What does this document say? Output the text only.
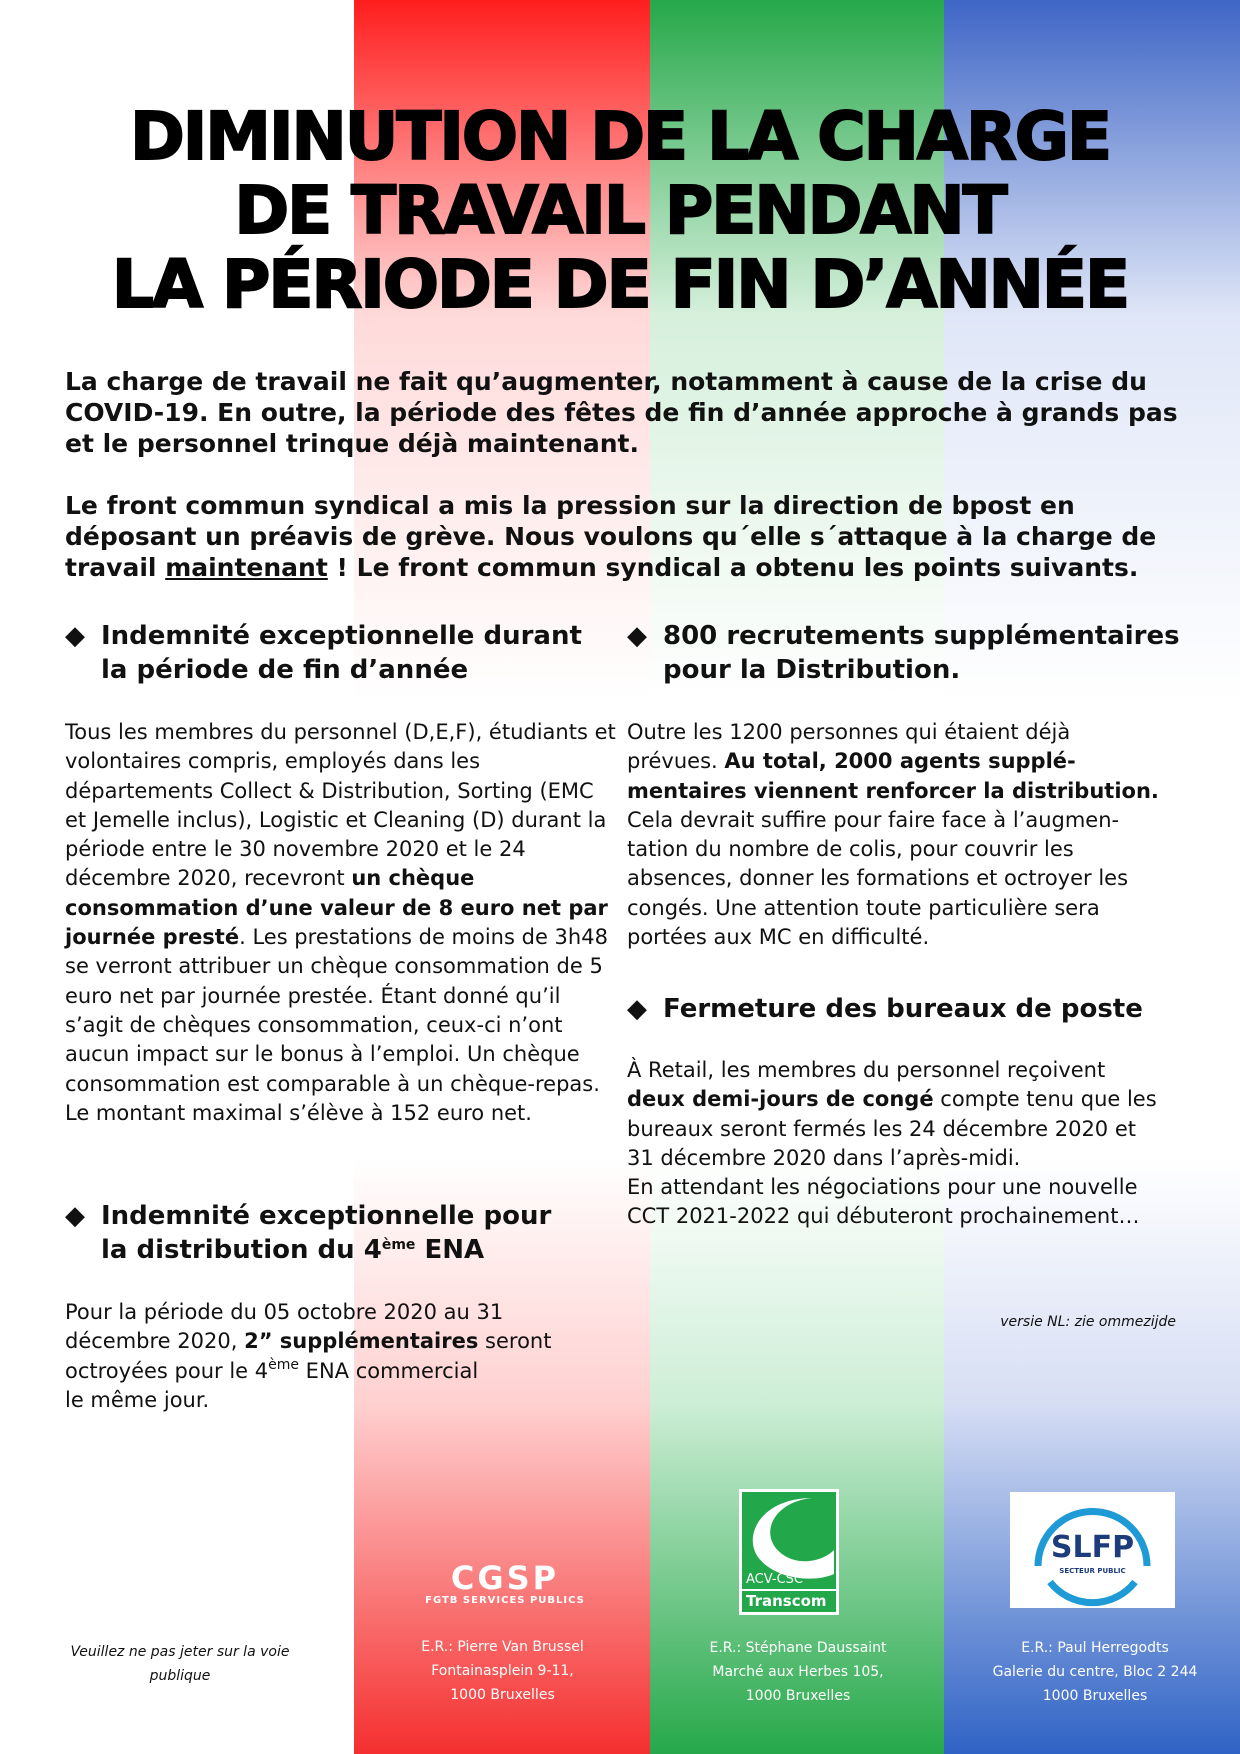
DIMINUTION DE LA CHARGE
DE TRAVAIL PENDANT
LA PÉRIODE DE FIN D’ANNÉE

La charge de travail ne fait qu’augmenter, notamment à cause de la crise du COVID-19. En outre, la période des fêtes de fin d’année approche à grands pas et le personnel trinque déjà maintenant.

Le front commun syndical a mis la pression sur la direction de bpost en déposant un préavis de grève. Nous voulons qu´elle s´attaque à la charge de travail maintenant ! Le front commun syndical a obtenu les points suivants.

◆ Indemnité exceptionnelle durant
la période de fin d’année

Tous les membres du personnel (D,E,F), étudiants et volontaires compris, employés dans les départements Collect & Distribution, Sorting (EMC et Jemelle inclus), Logistic et Cleaning (D) durant la période entre le 30 novembre 2020 et le 24 décembre 2020, recevront un chèque consommation d’une valeur de 8 euro net par journée presté. Les prestations de moins de 3h48 se verront attribuer un chèque consommation de 5 euro net par journée prestée. Étant donné qu’il s’agit de chèques consommation, ceux-ci n’ont aucun impact sur le bonus à l’emploi. Un chèque consommation est comparable à un chèque-repas. Le montant maximal s’élève à 152 euro net.

◆ Indemnité exceptionnelle pour
la distribution du 4ème ENA

Pour la période du 05 octobre 2020 au 31 décembre 2020, 2” supplémentaires seront octroyées pour le 4ème ENA commercial
le même jour.

◆ 800 recrutements supplémentaires
pour la Distribution.

Outre les 1200 personnes qui étaient déjà prévues. Au total, 2000 agents supplé-mentaires viennent renforcer la distribution. Cela devrait suffire pour faire face à l’augmen-tation du nombre de colis, pour couvrir les absences, donner les formations et octroyer les congés. Une attention toute particulière sera portées aux MC en difficulté.

◆ Fermeture des bureaux de poste

À Retail, les membres du personnel reçoivent deux demi-jours de congé compte tenu que les bureaux seront fermés les 24 décembre 2020 et 31 décembre 2020 dans l’après-midi.
En attendant les négociations pour une nouvelle CCT 2021-2022 qui débuteront prochainement…

versie NL: zie ommezijde
Veuillez ne pas jeter sur la voie publique
CGSP
FGTB SERVICES PUBLICS
ACV-CSC
Transcom
SLFP
SECTEUR PUBLIC
E.R.: Pierre Van Brussel
Fontainasplein 9-11,
1000 Bruxelles
E.R.: Stéphane Daussaint
Marché aux Herbes 105,
1000 Bruxelles
E.R.: Paul Herregodts
Galerie du centre, Bloc 2 244
1000 Bruxelles
